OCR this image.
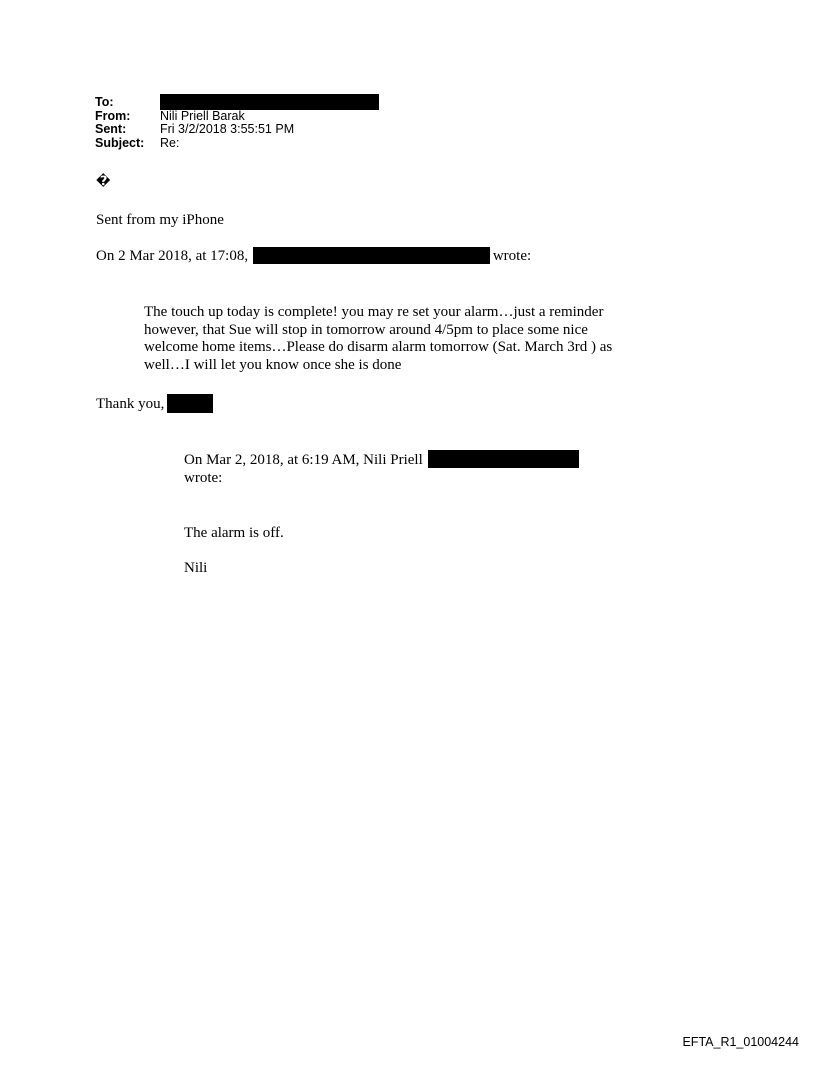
To:
From:	Nili Priell Barak
Sent:	Fri 3/2/2018 3:55:51 PM
Subject:	Re:
�
Sent from my iPhone
On 2 Mar 2018, at 17:08,	wrote:
The touch up today is complete! you may re set your alarm…just a reminder
however, that Sue will stop in tomorrow around 4/5pm to place some nice
welcome home items…Please do disarm alarm tomorrow (Sat. March 3rd ) as
well…I will let you know once she is done
Thank you,
On Mar 2, 2018, at 6:19 AM, Nili Priell
wrote:
The alarm is off.
Nili
EFTA_R1_01004244
